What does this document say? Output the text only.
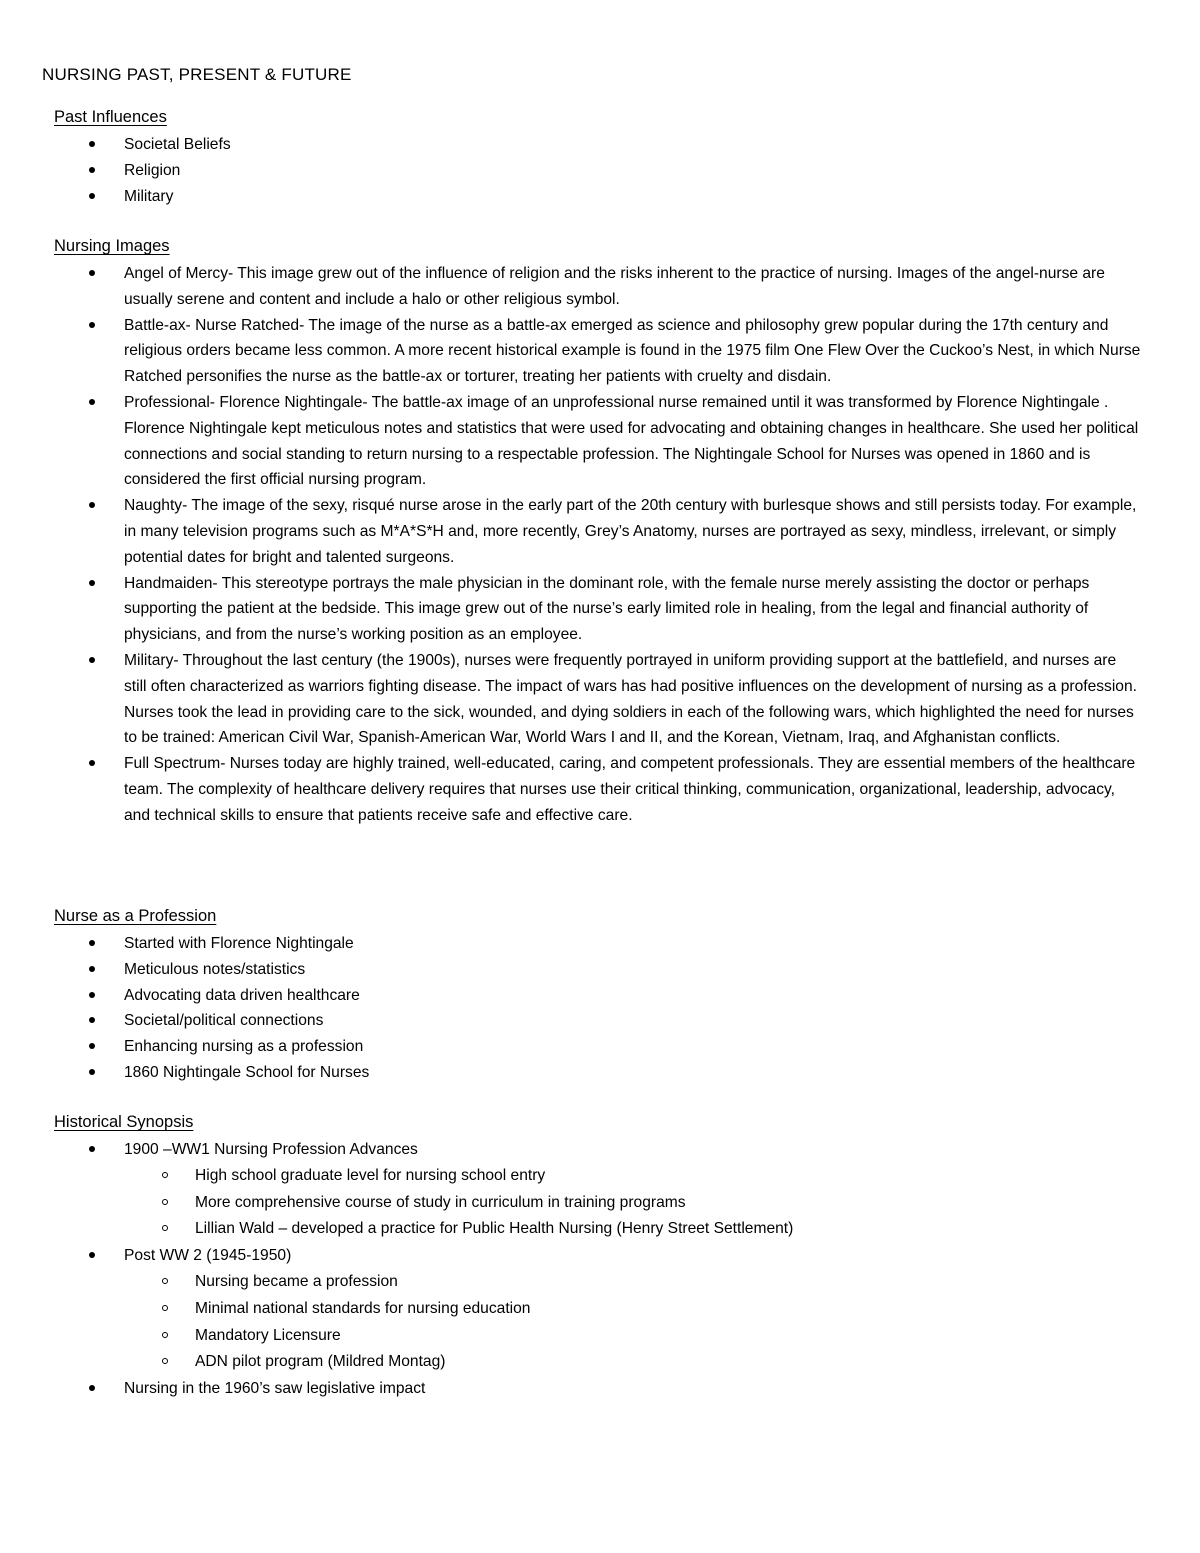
NURSING PAST, PRESENT & FUTURE
Past Influences
Societal Beliefs
Religion
Military
Nursing Images
Angel of Mercy- This image grew out of the influence of religion and the risks inherent to the practice of nursing. Images of the angel-nurse are usually serene and content and include a halo or other religious symbol.
Battle-ax- Nurse Ratched- The image of the nurse as a battle-ax emerged as science and philosophy grew popular during the 17th century and religious orders became less common. A more recent historical example is found in the 1975 film One Flew Over the Cuckoo’s Nest, in which Nurse Ratched personifies the nurse as the battle-ax or torturer, treating her patients with cruelty and disdain.
Professional- Florence Nightingale- The battle-ax image of an unprofessional nurse remained until it was transformed by Florence Nightingale . Florence Nightingale kept meticulous notes and statistics that were used for advocating and obtaining changes in healthcare. She used her political connections and social standing to return nursing to a respectable profession. The Nightingale School for Nurses was opened in 1860 and is considered the first official nursing program.
Naughty- The image of the sexy, risqué nurse arose in the early part of the 20th century with burlesque shows and still persists today. For example, in many television programs such as M*A*S*H and, more recently, Grey’s Anatomy, nurses are portrayed as sexy, mindless, irrelevant, or simply potential dates for bright and talented surgeons.
Handmaiden- This stereotype portrays the male physician in the dominant role, with the female nurse merely assisting the doctor or perhaps supporting the patient at the bedside. This image grew out of the nurse’s early limited role in healing, from the legal and financial authority of physicians, and from the nurse’s working position as an employee.
Military- Throughout the last century (the 1900s), nurses were frequently portrayed in uniform providing support at the battlefield, and nurses are still often characterized as warriors fighting disease. The impact of wars has had positive influences on the development of nursing as a profession. Nurses took the lead in providing care to the sick, wounded, and dying soldiers in each of the following wars, which highlighted the need for nurses to be trained: American Civil War, Spanish-American War, World Wars I and II, and the Korean, Vietnam, Iraq, and Afghanistan conflicts.
Full Spectrum- Nurses today are highly trained, well-educated, caring, and competent professionals. They are essential members of the healthcare team. The complexity of healthcare delivery requires that nurses use their critical thinking, communication, organizational, leadership, advocacy, and technical skills to ensure that patients receive safe and effective care.
Nurse as a Profession
Started with Florence Nightingale
Meticulous notes/statistics
Advocating data driven healthcare
Societal/political connections
Enhancing nursing as a profession
1860 Nightingale School for Nurses
Historical Synopsis
1900 –WW1 Nursing Profession Advances
High school graduate level for nursing school entry
More comprehensive course of study in curriculum in training programs
Lillian Wald – developed a practice for Public Health Nursing (Henry Street Settlement)
Post WW 2 (1945-1950)
Nursing became a profession
Minimal national standards for nursing education
Mandatory Licensure
ADN pilot program (Mildred Montag)
Nursing in the 1960’s saw legislative impact
